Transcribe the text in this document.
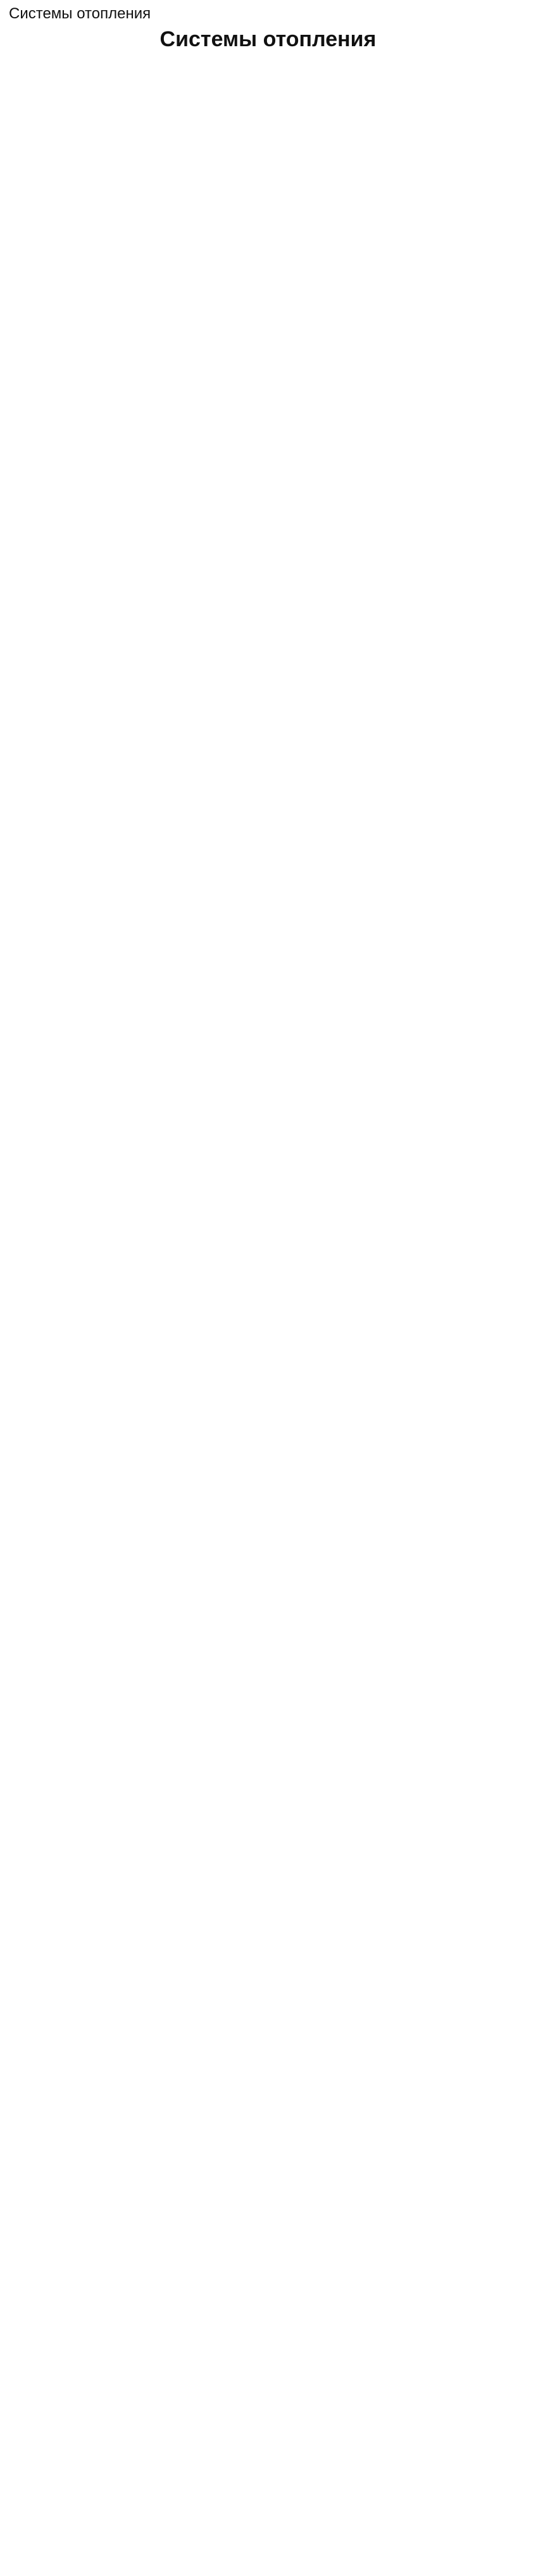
Системы отопления
Системы отопления
